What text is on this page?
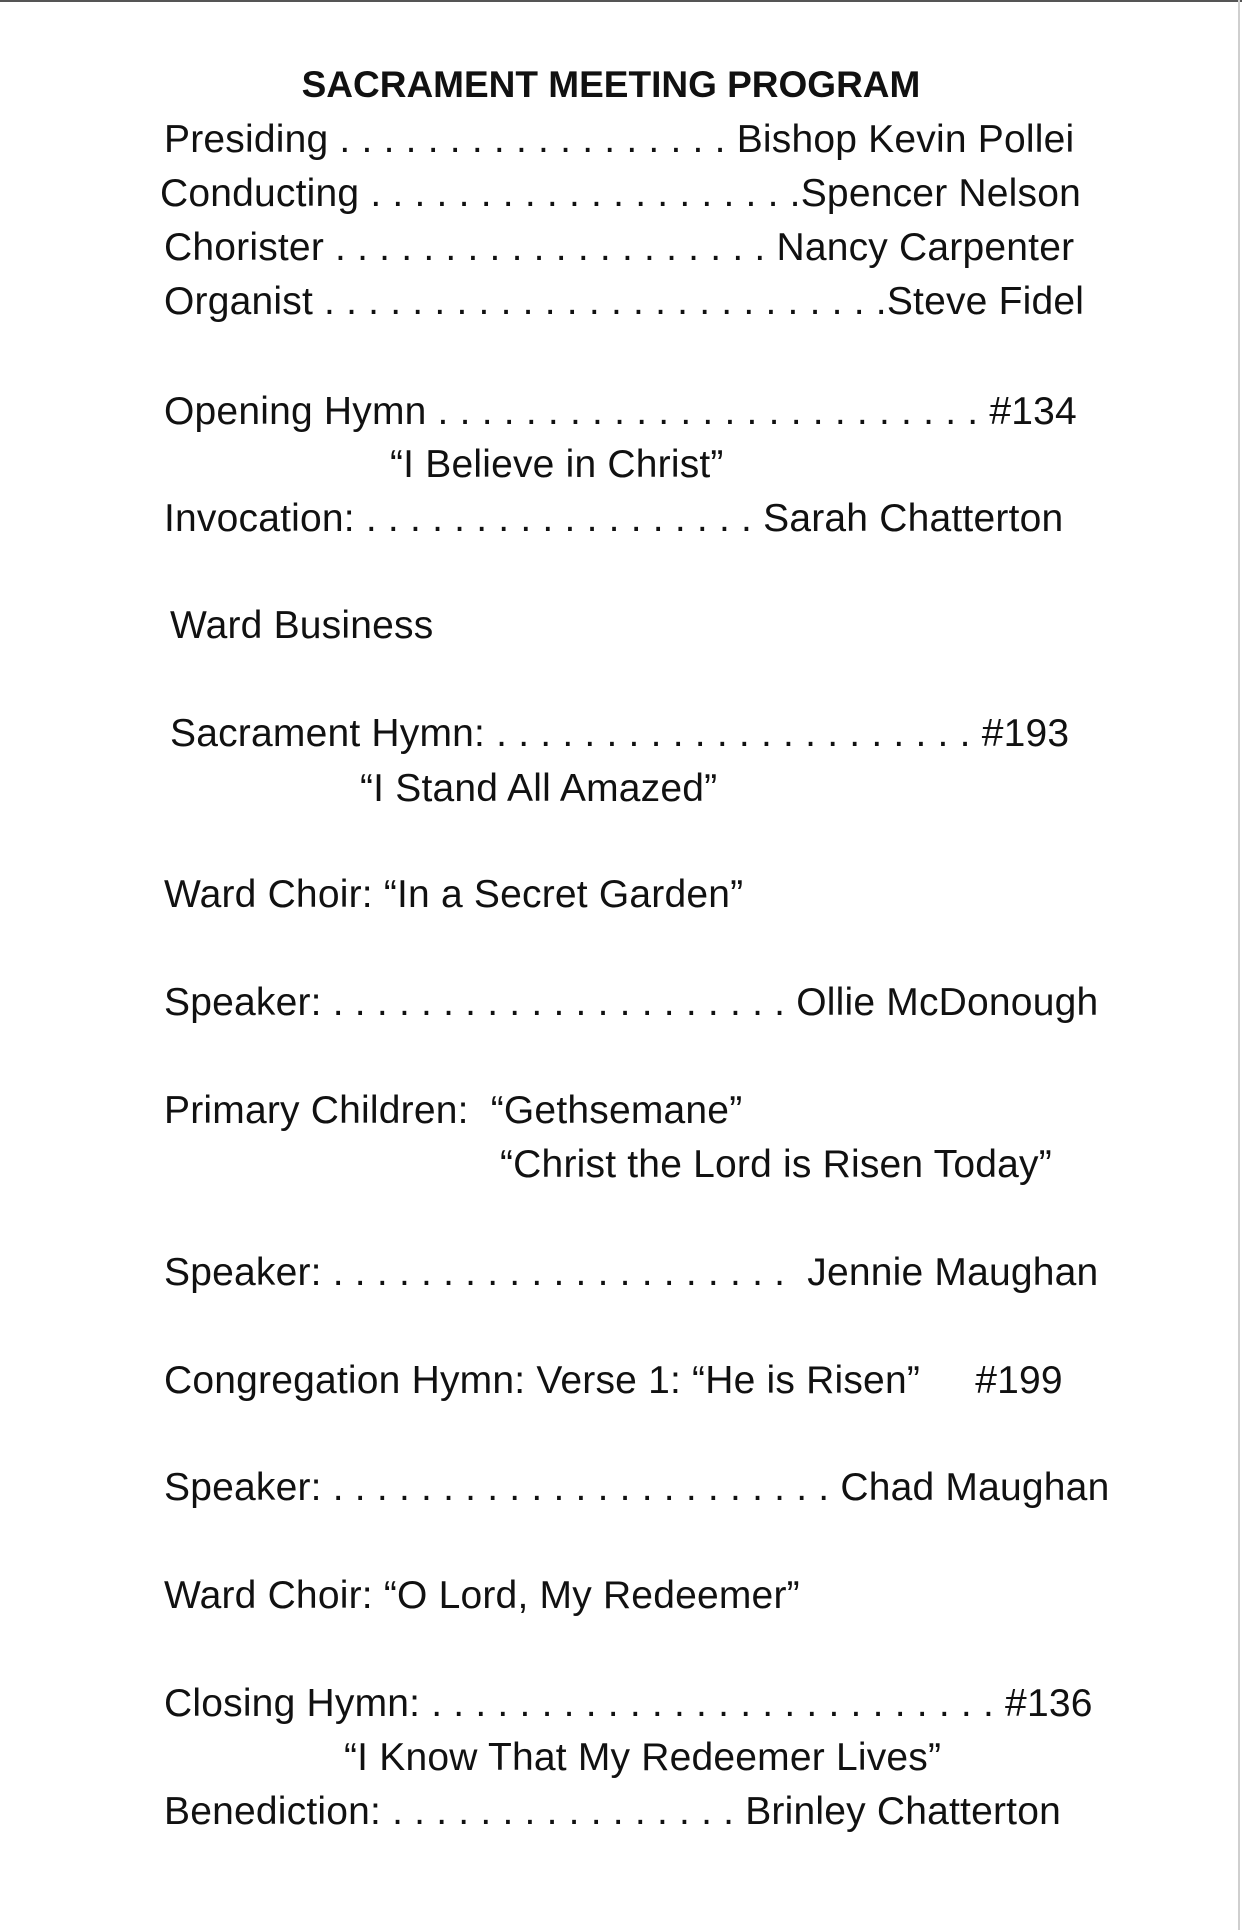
SACRAMENT MEETING PROGRAM
Presiding . . . . . . . . . . . . . . . . . . Bishop Kevin Pollei
Conducting . . . . . . . . . . . . . . . . . . . .Spencer Nelson
Chorister . . . . . . . . . . . . . . . . . . . . Nancy Carpenter
Organist . . . . . . . . . . . . . . . . . . . . . . . . . .Steve Fidel
Opening Hymn . . . . . . . . . . . . . . . . . . . . . . . . . #134
“I Believe in Christ”
Invocation: . . . . . . . . . . . . . . . . . . Sarah Chatterton
Ward Business
Sacrament Hymn: . . . . . . . . . . . . . . . . . . . . . . #193
“I Stand All Amazed”
Ward Choir: “In a Secret Garden”
Speaker: . . . . . . . . . . . . . . . . . . . . . Ollie McDonough
Primary Children:  “Gethsemane”
“Christ the Lord is Risen Today”
Speaker: . . . . . . . . . . . . . . . . . . . . .  Jennie Maughan
Congregation Hymn: Verse 1: “He is Risen”     #199
Speaker: . . . . . . . . . . . . . . . . . . . . . . . Chad Maughan
Ward Choir: “O Lord, My Redeemer”
Closing Hymn: . . . . . . . . . . . . . . . . . . . . . . . . . . #136
“I Know That My Redeemer Lives”
Benediction: . . . . . . . . . . . . . . . . Brinley Chatterton
